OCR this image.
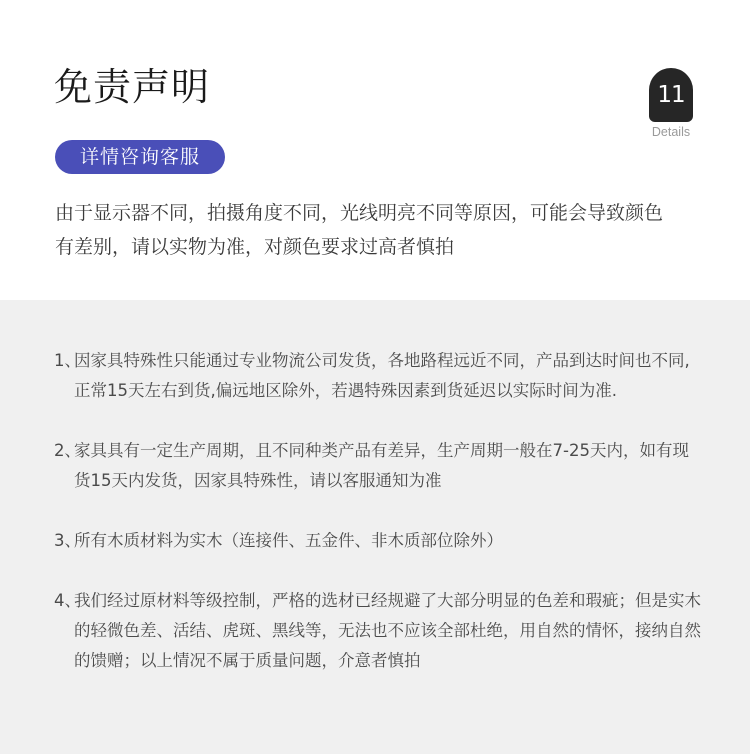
免责声明	11
Details
详情咨询客服
由于显示器不同，拍摄角度不同，光线明亮不同等原因，可能会导致颜色有差别，请以实物为准，对颜色要求过高者慎拍
1、
因家具特殊性只能通过专业物流公司发货，各地路程远近不同，产品到达时间也不同,正常15天左右到货,偏远地区除外，若遇特殊因素到货延迟以实际时间为准.
2、
家具具有一定生产周期，且不同种类产品有差异，生产周期一般在7-25天内，如有现货15天内发货，因家具特殊性，请以客服通知为准
3、
所有木质材料为实木（连接件、五金件、非木质部位除外）
4、
我们经过原材料等级控制，严格的选材已经规避了大部分明显的色差和瑕疵；但是实木的轻微色差、活结、虎斑、黑线等，无法也不应该全部杜绝，用自然的情怀，接纳自然的馈赠；以上情况不属于质量问题，介意者慎拍
